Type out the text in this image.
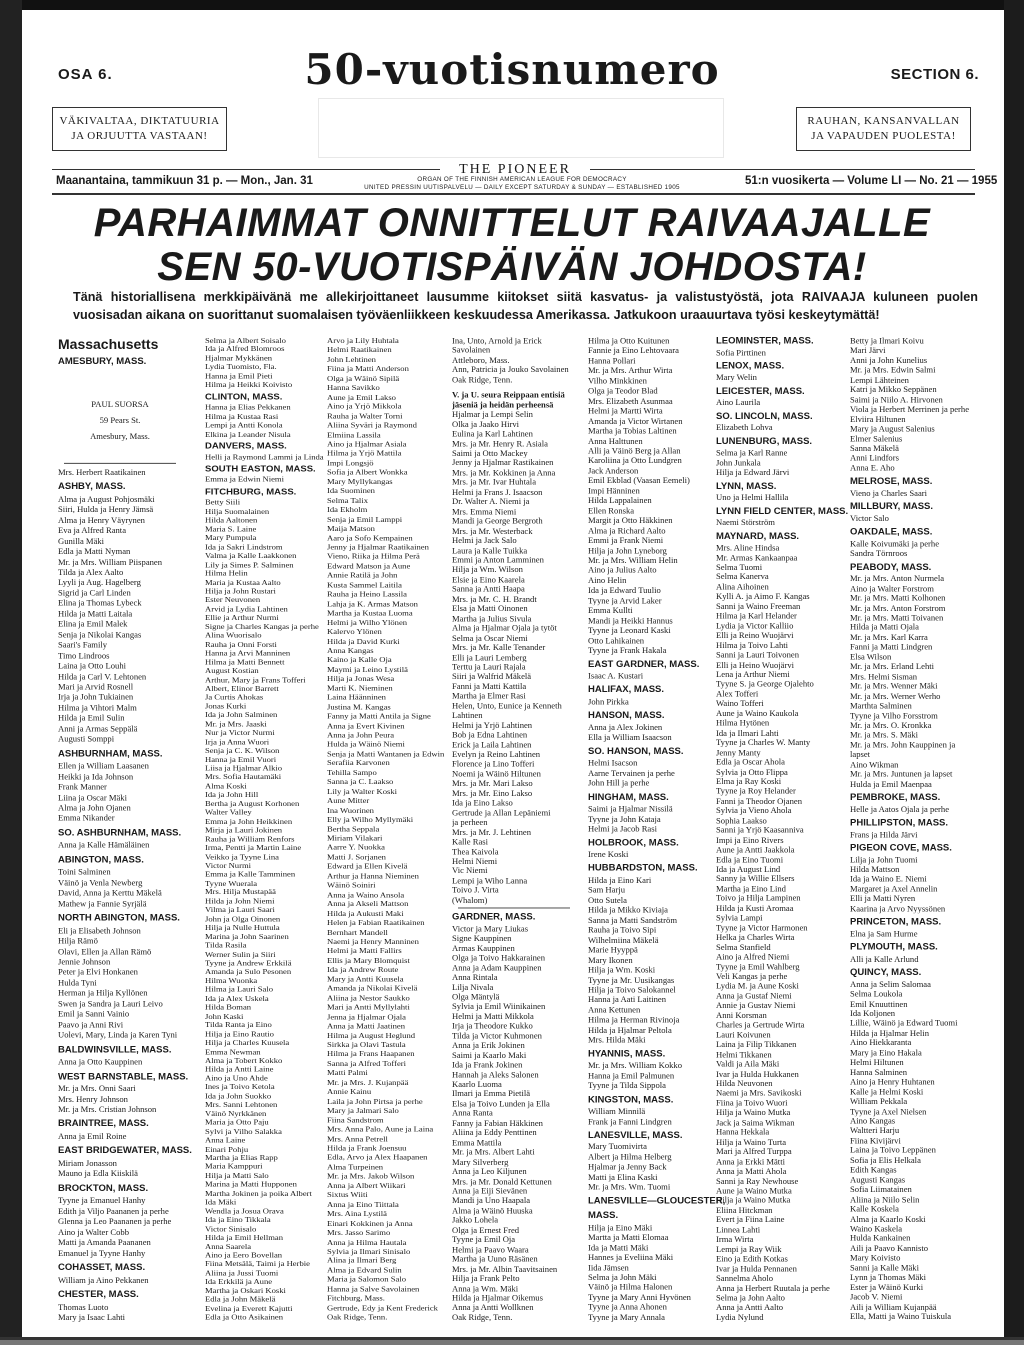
OSA 6.	SECTION 6.
50-vuotisnumero
VÄKIVALTAA, DIKTATUURIA
JA ORJUUTTA VASTAAN!
RAUHAN, KANSANVALLAN
JA VAPAUDEN PUOLESTA!
THE PIONEER
ORGAN OF THE FINNISH AMERICAN LEAGUE FOR DEMOCRACY
UNITED PRESSIN UUTISPALVELU — DAILY EXCEPT SATURDAY & SUNDAY — ESTABLISHED 1905
Maanantaina, tammikuun 31 p. — Mon., Jan. 31	51:n vuosikerta — Volume LI — No. 21 — 1955
PARHAIMMAT ONNITTELUT RAIVAAJALLE
SEN 50-VUOTISPÄIVÄN JOHDOSTA!
Tänä historiallisena merkkipäivänä me allekirjoittaneet lausumme kiitokset siitä kasvatus- ja valistustyöstä, jota RAIVAAJA kuluneen puolen vuosisadan aikana on suorittanut suomalaisen työväenliikkeen keskuudessa Amerikassa. Jatkukoon uraauurtava työsi keskeytymättä!
Massachusetts
AMESBURY, MASS.
PAUL SUORSA
59 Pears St.
Amesbury, Mass.
Mrs. Herbert Raatikainen
ASHBY, MASS.
Alma ja August Pohjosmäki
Siiri, Hulda ja Henry Jämsä
Alma ja Henry Väyrynen
Eva ja Alfred Ranta
Gunilla Mäki
Edla ja Matti Nyman
Mr. ja Mrs. William Piispanen
Tilda ja Alex Aalto
Lyyli ja Aug. Hagelberg
Sigrid ja Carl Linden
Elina ja Thomas Lybeck
Hilda ja Matti Laitala
Elina ja Emil Malek
Senja ja Nikolai Kangas
Saari's Family
Timo Lindroos
Laina ja Otto Louhi
Hilda ja Carl V. Lehtonen
Mari ja Arvid Rosnell
Irja ja John Tukiainen
Hilma ja Vihtori Malm
Hilda ja Emil Sulin
Anni ja Armas Seppälä
Augusti Somppi
ASHBURNHAM, MASS.
Ellen ja William Laasanen
Heikki ja Ida Johnson
Frank Manner
Liina ja Oscar Mäki
Alma ja John Ojanen
Emma Nikander
SO. ASHBURNHAM, MASS.
Anna ja Kalle Hämäläinen
ABINGTON, MASS.
Toini Salminen
Väinö ja Venla Newberg
David, Anna ja Kerttu Mäkelä
Mathew ja Fannie Syrjälä
NORTH ABINGTON, MASS.
Eli ja Elisabeth Johnson
Hilja Rämö
Olavi, Ellen ja Allan Rämö
Jennie Johnson
Peter ja Elvi Honkanen
Hulda Tyni
Herman ja Hilja Kyllönen
Swen ja Sandra ja Lauri Leivo
Emil ja Sanni Vainio
Paavo ja Anni Rivi
Uolevi, Mary, Linda ja Karen Tyni
BALDWINSVILLE, MASS.
Anna ja Otto Kauppinen
WEST BARNSTABLE, MASS.
Mr. ja Mrs. Onni Saari
Mrs. Henry Johnson
Mr. ja Mrs. Cristian Johnson
BRAINTREE, MASS.
Anna ja Emil Roine
EAST BRIDGEWATER, MASS.
Miriam Jonasson
Mauno ja Edla Kiiskilä
BROCKTON, MASS.
Tyyne ja Emanuel Hanhy
Edith ja Viljo Paananen ja perhe
Glenna ja Leo Paananen ja perhe
Aino ja Walter Cobb
Matti ja Amanda Paananen
Emanuel ja Tyyne Hanhy
COHASSET, MASS.
William ja Aino Pekkanen
CHESTER, MASS.
Thomas Luoto
Mary ja Isaac Lahti
Selma ja Albert Soisalo
Ida ja Alfred Blomroos
Hjalmar Mykkänen
Lydia Tuomisto, Fla.
Hanna ja Emil Pieti
Hilma ja Heikki Koivisto
CLINTON, MASS.
Hanna ja Elias Pekkanen
Hilma ja Kustaa Rasi
Lempi ja Antti Konola
Elkina ja Leander Nisula
DANVERS, MASS.
Helli ja Raymond Lammi ja Linda
SOUTH EASTON, MASS.
Emma ja Edwin Niemi
FITCHBURG, MASS.
Betty Siili
Hilja Suomalainen
Hilda Aaltonen
Maria S. Laine
Mary Pumpula
Ida ja Sakri Lindstrom
Valma ja Kalle Laakkonen
Lily ja Simes P. Salminen
Hilma Helin
Maria ja Kustaa Aalto
Hilja ja John Rustari
Ester Neuvonen
Arvid ja Lydia Lahtinen
Ellie ja Arthur Nurmi
Signe ja Charles Kangas ja perhe
Alina Wuorisalo
Rauha ja Onni Forsti
Hanna ja Arvi Manninen
Hilma ja Matti Bennett
August Kostian
Arthur, Mary ja Frans Tofferi
Albert, Elinor Barrett
Ja Curtis Ahokas
Jonas Kurki
Ida ja John Salminen
Mr. ja Mrs. Jaaski
Nur ja Victor Nurmi
Irja ja Anna Wuori
Senja ja C. K. Wilson
Hanna ja Emil Vuori
Liisa ja Hjalmar Alkio
Mrs. Sofia Hautamäki
Alma Koski
Ida ja John Hill
Bertha ja August Korhonen
Walter Valley
Emma ja John Heikkinen
Mirja ja Lauri Jokinen
Rauha ja William Renfors
Irma, Pentti ja Martin Laine
Veikko ja Tyyne Lina
Victor Nurmi
Emma ja Kalle Tamminen
Tyyne Wuerala
Mrs. Hilja Mustapää
Hilda ja John Niemi
Vilma ja Lauri Saari
John ja Olga Oinonen
Hilja ja Nulle Huttula
Marina ja John Saarinen
Tilda Rasila
Werner Sulin ja Siiri
Tyyne ja Andrew Erkkilä
Amanda ja Sulo Pesonen
Hilma Wuonka
Hilma ja Lauri Salo
Ida ja Alex Uskela
Hilda Boman
John Kaski
Tilda Ranta ja Eino
Hilja ja Eino Rautio
Hilja ja Charles Kuusela
Emma Newman
Alma ja Tobert Kokko
Hilda ja Antti Laine
Aino ja Uno Ahde
Ines ja Toivo Ketola
Ida ja John Suokko
Mrs. Sanni Lehtonen
Väinö Nyrkkänen
Maria ja Otto Paju
Sylvi ja Vilho Salakka
Anna Laine
Einari Pohju
Martha ja Elias Rapp
Maria Kamppuri
Hilja ja Matti Salo
Marina ja Matti Hupponen
Martha Jokinen ja poika Albert
Ida Mäki
Wendla ja Josua Orava
Ida ja Eino Tikkala
Victor Sinisalo
Hilda ja Emil Hellman
Anna Saarela
Aino ja Eero Bovellan
Fiina Metsälä, Taimi ja Herbie
Aliina ja Jussi Tuomi
Ida Erkkilä ja Aune
Martha ja Oskari Koski
Edla ja John Mäkelä
Evelina ja Everett Kajutti
Edla ja Otto Asikainen
Arvo ja Lily Huhtala
Helmi Raatikainen
John Lehtinen
Fiina ja Matti Anderson
Olga ja Wäinö Sipilä
Hanna Savikko
Aune ja Emil Lakso
Aino ja Yrjö Mikkola
Rauha ja Walter Torni
Aliina Syväri ja Raymond
Elmiina Lassila
Aino ja Hjalmar Asiala
Hilma ja Yrjö Mattila
Impi Longsjö
Sofia ja Albert Wonkka
Mary Myllykangas
Ida Suominen
Selma Talix
Ida Ekholm
Senja ja Emil Lamppi
Maija Matson
Aaro ja Sofo Kempainen
Jenny ja Hjalmar Raatikainen
Vieno, Riika ja Hilma Perä
Edward Matson ja Aune
Annie Ratilä ja John
Kusta Sammel Laitila
Rauha ja Heino Lassila
Lahja ja K. Armas Matson
Martha ja Kustaa Luoma
Helmi ja Wilho Ylönen
Kalervo Ylönen
Hilda ja David Kurki
Anna Kangas
Kaino ja Kalle Oja
Maymi ja Leino Lystilä
Hilja ja Jonas Wesa
Marti K. Nieminen
Laina Häänninen
Justina M. Kangas
Fanny ja Matti Antila ja Signe
Anna ja Evert Kivinen
Anna ja John Peura
Hulda ja Wäinö Niemi
Senja ja Matti Wantanen ja Edwin
Serafiia Karvonen
Tehilla Sampo
Sanna ja C. Laakso
Lily ja Walter Koski
Aune Mitter
Ina Wuorinen
Elly ja Wilho Myllymäki
Bertha Seppala
Miriam Vilakari
Aarre Y. Nuokka
Matti J. Sorjanen
Edward ja Ellen Kivelä
Arthur ja Hanna Nieminen
Wäinö Soiniri
Anna ja Waino Ansola
Anna ja Akseli Mattson
Hilda ja Aukusti Maki
Helen ja Fabian Raatikainen
Bernhart Mandell
Naemi ja Henry Manninen
Helmi ja Matti Fallirs
Ellis ja Mary Blomquist
Ida ja Andrew Route
Mary ja Antti Kuusela
Amanda ja Nikolai Kivelä
Aliina ja Nestor Saukko
Mari ja Antti Myllylahti
Jenna ja Hjalmar Ojala
Anna ja Matti Jaatinen
Hilma ja August Heglund
Sirkka ja Olavi Tastula
Hilma ja Frans Haapanen
Sanna ja Alfred Tofferi
Matti Palmi
Mr. ja Mrs. J. Kujanpää
Annie Kainu
Laila ja John Pirtsa ja perhe
Mary ja Jalmari Salo
Fiina Sandstrom
Mrs. Anna Palo, Aune ja Laina
Mrs. Anna Petrell
Hilda ja Frank Joensuu
Edla, Arvo ja Alex Haapanen
Alma Turpeinen
Mr. ja Mrs. Jakob Wilson
Anna ja Albert Wiikari
Sixtus Wiiti
Anna ja Eino Tiittala
Mrs. Aina Lystilä
Einari Kokkinen ja Anna
Mrs. Jasso Sarimo
Anna ja Hilma Hautala
Sylvia ja Ilmari Sinisalo
Alina ja Ilmari Berg
Alma ja Edvard Sulin
Maria ja Salomon Salo
Hanna ja Salve Savolainen
Fitchburg, Mass.
Gertrude, Edy ja Kent Frederick
Oak Ridge, Tenn.
Ina, Unto, Arnold ja Erick
Savolainen
Attleboro, Mass.
Ann, Patricia ja Jouko Savolainen
Oak Ridge, Tenn.
V. ja U. seura Reippaan entisiä
jäseniä ja heidän perheensä
Hjalmar ja Lempi Selin
Olka ja Jaako Hirvi
Eulina ja Karl Lahtinen
Mrs. ja Mr. Henry R. Asiala
Saimi ja Otto Mackey
Jenny ja Hjalmar Rastikainen
Mrs. ja Mr. Kokkinen ja Anna
Mrs. ja Mr. Ivar Huhtala
Helmi ja Frans J. Isaacson
Dr. Walter A. Niemi ja
Mrs. Emma Niemi
Mandi ja George Bergroth
Mrs. ja Mr. Westerback
Helmi ja Jack Salo
Laura ja Kalle Tuikka
Emmi ja Anton Lamminen
Hilja ja Wm. Wilson
Elsie ja Eino Kaarela
Sanna ja Antti Haapa
Mrs. ja Mr. C. H. Brandt
Elsa ja Matti Oinonen
Martha ja Julius Sivula
Alma ja Hjalmar Ojala ja tytöt
Selma ja Oscar Niemi
Mrs. ja Mr. Kalle Tenander
Elli ja Lauri Lemberg
Terttu ja Lauri Rajala
Siiri ja Walfrid Mäkelä
Fanni ja Matti Kattila
Martha ja Elmer Rasi
Helen, Unto, Eunice ja Kenneth
Lahtinen
Helmi ja Yrjö Lahtinen
Bob ja Edna Lahtinen
Erick ja Laila Lahtinen
Evelyn ja Reino Lahtinen
Florence ja Lino Tofferi
Noemi ja Wäinö Hiltunen
Mrs. ja Mr. Mari Lakso
Mrs. ja Mr. Eino Lakso
Ida ja Eino Lakso
Gertrude ja Allan Lepäniemi
ja perheen
Mrs. ja Mr. J. Lehtinen
Kalle Rasi
Thea Kaivola
Helmi Niemi
Vic Niemi
Lempi ja Wiho Lanna
Toivo J. Virta
(Whalom)
GARDNER, MASS.
Victor ja Mary Liukas
Signe Kauppinen
Armas Kauppinen
Olga ja Toivo Hakkarainen
Anna ja Adam Kauppinen
Anna Rintala
Lilja Nivala
Olga Mäntylä
Sylvia ja Emil Wiinikainen
Helmi ja Matti Mikkola
Irja ja Theodore Kukko
Tilda ja Victor Kuhmonen
Anna ja Erik Jokinen
Saimi ja Kaarlo Maki
Ida ja Frank Jokinen
Hannah ja Aleks Salonen
Kaarlo Luoma
Ilmari ja Emma Pietilä
Elsa ja Toivo Lunden ja Ella
Anna Ranta
Fanny ja Fabian Häkkinen
Aliina ja Eddy Penttinen
Emma Mattila
Mr. ja Mrs. Albert Lahti
Mary Silverberg
Anna ja Leo Kiljunen
Mrs. ja Mr. Donald Kettunen
Anna ja Eiji Sievänen
Mandi ja Uno Haapala
Alma ja Wäinö Huuska
Jakko Lohela
Olga ja Ernest Fred
Tyyne ja Emil Oja
Helmi ja Paavo Waara
Martha ja Uuno Räsänen
Mrs. ja Mr. Albin Taavitsainen
Hilja ja Frank Pelto
Anna ja Wm. Mäki
Hilda ja Hjalmar Oikemus
Anna ja Antti Wollknen
Oak Ridge, Tenn.
Hilma ja Otto Kuitunen
Fannie ja Eino Lehtovaara
Hanna Pollari
Mr. ja Mrs. Arthur Wirta
Vilho Minkkinen
Olga ja Teodor Blad
Mrs. Elizabeth Asunmaa
Helmi ja Martti Wirta
Amanda ja Victor Wirtanen
Martha ja Tobias Laltinen
Anna Halttunen
Alli ja Väinö Berg ja Allan
Karoliina ja Otto Lundgren
Jack Anderson
Emil Ekblad (Vaasan Eemeli)
Impi Hänninen
Hilda Lappalainen
Ellen Ronska
Margit ja Otto Häkkinen
Alma ja Richard Aalto
Emmi ja Frank Niemi
Hilja ja John Lyneborg
Mr. ja Mrs. William Helin
Aino ja Julius Aalto
Aino Helin
Ida ja Edward Tuulio
Tyyne ja Arvid Laker
Emma Kullti
Mandi ja Heikki Hannus
Tyyne ja Leonard Kaski
Otto Lahikainen
Tyyne ja Frank Hakala
EAST GARDNER, MASS.
Isaac A. Kustari
HALIFAX, MASS.
John Pirkka
HANSON, MASS.
Anna ja Alex Jokinen
Ella ja William Isaacson
SO. HANSON, MASS.
Helmi Isacson
Aarne Tervainen ja perhe
John Hill ja perhe
HINGHAM, MASS.
Saimi ja Hjalmar Nissilä
Tyyne ja John Kataja
Helmi ja Jacob Rasi
HOLBROOK, MASS.
Irene Koski
HUBBARDSTON, MASS.
Hilda ja Eino Kari
Sam Harju
Otto Sutela
Hilda ja Mikko Kiviaja
Sanna ja Matti Sandström
Rauha ja Toivo Sipi
Wilhelmiina Mäkelä
Marie Hyyppä
Mary Ikonen
Hilja ja Wm. Koski
Tyyne ja Mr. Uusikangas
Hilja ja Toivo Salokannel
Hanna ja Aati Laitinen
Anna Kettunen
Hilma ja Herman Rivinoja
Hilda ja Hjalmar Peltola
Mrs. Hilda Mäki
HYANNIS, MASS.
Mr. ja Mrs. William Kokko
Hanna ja Emil Palmunen
Tyyne ja Tilda Sippola
KINGSTON, MASS.
William Minnilä
Frank ja Fanni Lindgren
LANESVILLE, MASS.
Mary Tuomivirta
Albert ja Hilma Helberg
Hjalmar ja Jenny Back
Matti ja Elina Kaski
Mr. ja Mrs. Wm. Tuomi
LANESVILLE—GLOUCESTER,
MASS.
Hilja ja Eino Mäki
Martta ja Matti Elomaa
Ida ja Matti Mäki
Hannes ja Eveliina Mäki
Iida Jämsen
Selma ja John Mäki
Väinö ja Hilma Halonen
Tyyne ja Mary Anni Hyvönen
Tyyne ja Anna Ahonen
Tyyne ja Mary Annala
LEOMINSTER, MASS.
Sofia Pirttinen
LENOX, MASS.
Mary Welin
LEICESTER, MASS.
Aino Laurila
SO. LINCOLN, MASS.
Elizabeth Lohva
LUNENBURG, MASS.
Selma ja Karl Ranne
John Junkala
Hilja ja Edward Järvi
LYNN, MASS.
Uno ja Helmi Hallila
LYNN FIELD CENTER, MASS.
Naemi Störström
MAYNARD, MASS.
Mrs. Aline Hindsa
Mr. Armas Kankaanpaa
Selma Tuomi
Selma Kanerva
Alina Aihoinen
Kylli A. ja Aimo F. Kangas
Sanni ja Waino Freeman
Hilma ja Karl Helander
Lydia ja Victor Kalliio
Elli ja Reino Wuojärvi
Hilma ja Toivo Lahti
Sanni ja Lauri Toivonen
Elli ja Heino Wuojärvi
Lena ja Arthur Niemi
Tyyne S. ja George Ojalehto
Alex Tofferi
Waino Tofferi
Aune ja Waino Kaukola
Hilma Hytönen
Ida ja Ilmari Lahti
Tyyne ja Charles W. Manty
Jenny Manty
Edla ja Oscar Ahola
Sylvia ja Otto Flippa
Elma ja Ray Koski
Tyyne ja Roy Helander
Fanni ja Theodor Ojanen
Sylvia ja Vieno Ahola
Sophia Laakso
Sanni ja Yrjö Kaasanniva
Impi ja Eino Rivers
Aune ja Antti Jaakkola
Edla ja Eino Tuomi
Ida ja August Lind
Sanny ja Willie Ellsers
Martha ja Eino Lind
Toivo ja Hilja Lampinen
Hilda ja Kusti Aromaa
Sylvia Lampi
Tyyne ja Victor Harmonen
Helka ja Charles Wirta
Selma Stanfield
Aino ja Alfred Niemi
Tyyne ja Emil Wahlberg
Veli Kangas ja perhe
Lydia M. ja Aune Koski
Anna ja Gustaf Niemi
Annie ja Gustav Niemi
Anni Korsman
Charles ja Gertrude Wirta
Lauri Koivunen
Laina ja Filip Tikkanen
Helmi Tikkanen
Valdi ja Aila Mäki
Ivar ja Hulda Hukkanen
Hilda Neuvonen
Naemi ja Mrs. Savikoski
Fiina ja Toivo Wuori
Hilja ja Waino Mutka
Jack ja Saima Wikman
Hanna Hekkala
Hilja ja Waino Turta
Mari ja Alfred Turppa
Anna ja Erkki Mätti
Anna ja Matti Ahola
Sanni ja Ray Newhouse
Aune ja Waino Mutka
Hilja ja Waino Mutka
Eliina Hitckman
Evert ja Fiina Laine
Linnea Lahti
Irma Wirta
Lempi ja Ray Wiik
Eino ja Edith Kotkas
Ivar ja Hulda Pennanen
Sannelma Aholo
Anna ja Herbert Ruutala ja perhe
Selma ja John Aalto
Anna ja Antti Aalto
Lydia Nylund
Betty ja Ilmari Koivu
Mari Järvi
Anni ja John Kunelius
Mr. ja Mrs. Edwin Salmi
Lempi Lähteinen
Katri ja Mikko Seppänen
Saimi ja Niilo A. Hirvonen
Viola ja Herbert Merrinen ja perhe
Elviira Hiltunen
Mary ja August Salenius
Elmer Salenius
Sanna Mäkelä
Anni Lindfors
Anna E. Aho
MELROSE, MASS.
Vieno ja Charles Saari
MILLBURY, MASS.
Victor Salo
OAKDALE, MASS.
Kalle Koivumäki ja perhe
Sandra Törnroos
PEABODY, MASS.
Mr. ja Mrs. Anton Nurmela
Aino ja Walter Forstrom
Mr. ja Mrs. Matti Kolhonen
Mr. ja Mrs. Anton Forstrom
Mr. ja Mrs. Matti Toivanen
Hilda ja Matti Ojala
Mr. ja Mrs. Karl Karra
Fanni ja Matti Lindgren
Elsa Wilson
Mr. ja Mrs. Erland Lehti
Mrs. Helmi Sisman
Mr. ja Mrs. Wenner Mäki
Mr. ja Mrs. Werner Werho
Marthta Salminen
Tyyne ja Vilho Forsstrom
Mr. ja Mrs. O. Kronkka
Mr. ja Mrs. S. Mäki
Mr. ja Mrs. John Kauppinen ja
lapset
Aino Wikman
Mr. ja Mrs. Juntunen ja lapset
Hulda ja Emil Maenpaa
PEMBROKE, MASS.
Helle ja Aatos Ojala ja perhe
PHILLIPSTON, MASS.
Frans ja Hilda Järvi
PIGEON COVE, MASS.
Lilja ja John Tuomi
Hilda Mattson
Ida ja Waino E. Niemi
Margaret ja Axel Annelin
Elli ja Matti Nyren
Kaarina ja Arvo Nyyssönen
PRINCETON, MASS.
Elna ja Sam Hurme
PLYMOUTH, MASS.
Alli ja Kalle Arlund
QUINCY, MASS.
Anna ja Selim Salomaa
Selma Loukola
Emil Knuuttinen
Ida Koljonen
Lillie, Wäinö ja Edward Tuomi
Hilda ja Hjalmar Helin
Aino Hiekkaranta
Mary ja Eino Hakala
Helmi Hiltunen
Hanna Salminen
Aino ja Henry Huhtanen
Kalle ja Helmi Koski
William Pekkala
Tyyne ja Axel Nielsen
Aino Kangas
Waltteri Harju
Fiina Kivijärvi
Laina ja Toivo Leppänen
Sofia ja Elis Helkala
Edith Kangas
Augusti Kangas
Sofia Liimatainen
Aliina ja Niilo Selin
Kalle Koskela
Alma ja Kaarlo Koski
Waino Kaskela
Hulda Kankainen
Aili ja Paavo Kannisto
Mary Koivisto
Sanni ja Kalle Mäki
Lynn ja Thomas Mäki
Ester ja Wäinö Kurki
Jacob V. Niemi
Aili ja William Kujanpää
Ella, Matti ja Waino Tuiskula
